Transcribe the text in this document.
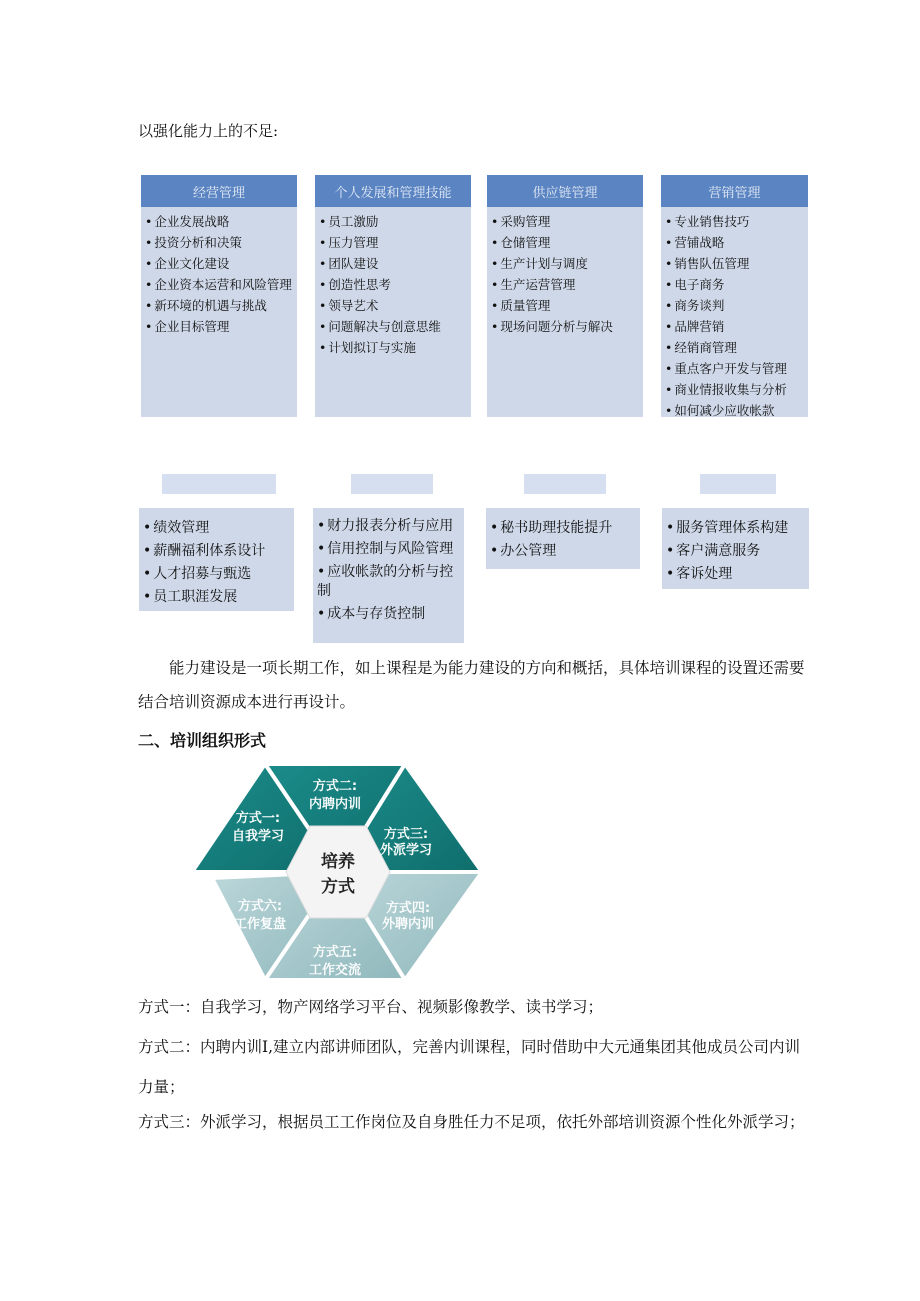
以强化能力上的不足:
经营管理
• 企业发展战略
• 投资分析和决策
• 企业文化建设
• 企业资本运营和风险管理
• 新环境的机遇与挑战
• 企业目标管理
个人发展和管理技能
• 员工激励
• 压力管理
• 团队建设
• 创造性思考
• 领导艺术
• 问题解决与创意思维
• 计划拟订与实施
供应链管理
• 采购管理
• 仓储管理
• 生产计划与调度
• 生产运营管理
• 质量管理
• 现场问题分析与解决
营销管理
• 专业销售技巧
• 营铺战略
• 销售队伍管理
• 电子商务
• 商务谈判
• 品牌营销
• 经销商管理
• 重点客户开发与管理
• 商业情报收集与分析
• 如何减少应收帐款
• 绩效管理
• 薪酬福利体系设计
• 人才招募与甄选
• 员工职涯发展
• 财力报表分析与应用
• 信用控制与风险管理
• 应收帐款的分析与控制
• 成本与存货控制
• 秘书助理技能提升
• 办公管理
• 服务管理体系构建
• 客户满意服务
• 客诉处理
能力建设是一项长期工作，如上课程是为能力建设的方向和概括，具体培训课程的设置还需要结合培训资源成本进行再设计。
二、培训组织形式
培养
方式
方式二:
内聘内训
方式三:
外派学习
方式四:
外聘内训
方式五:
工作交流
方式六:
工作复盘
方式一:
自我学习
方式一：自我学习，物产网络学习平台、视频影像教学、读书学习；
方式二：内聘内训I,建立内部讲师团队，完善内训课程，同时借助中大元通集团其他成员公司内训力量；
方式三：外派学习，根据员工工作岗位及自身胜任力不足项，依托外部培训资源个性化外派学习；
